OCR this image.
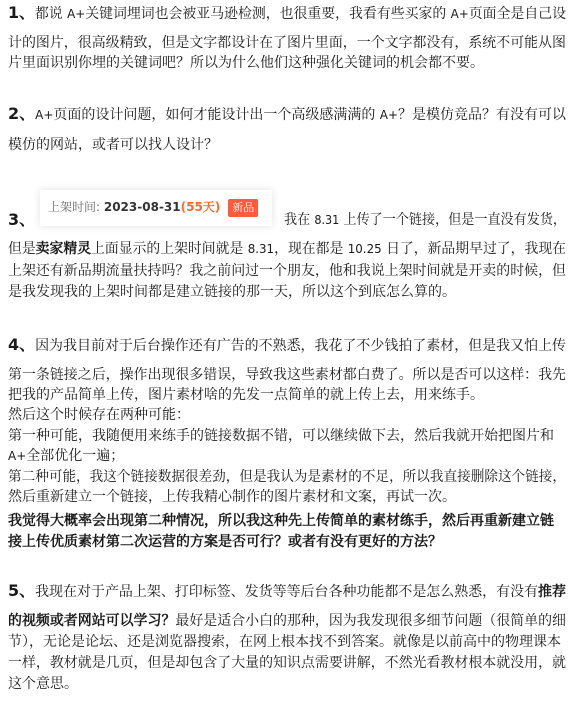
1、都说 A+关键词埋词也会被亚马逊检测，也很重要，我看有些买家的 A+页面全是自己设
计的图片，很高级精致，但是文字都设计在了图片里面，一个文字都没有，系统不可能从图
片里面识别你埋的关键词吧？所以为什么他们这种强化关键词的机会都不要。
2、A+页面的设计问题，如何才能设计出一个高级感满满的 A+？是模仿竞品？有没有可以
模仿的网站，或者可以找人设计？
上架时间: 2023-08-31(55天) 新品
3、	我在 8.31 上传了一个链接，但是一直没有发货，
但是卖家精灵上面显示的上架时间就是 8.31，现在都是 10.25 日了，新品期早过了，我现在
上架还有新品期流量扶持吗？我之前问过一个朋友，他和我说上架时间就是开卖的时候，但
是我发现我的上架时间都是建立链接的那一天，所以这个到底怎么算的。
4、因为我目前对于后台操作还有广告的不熟悉，我花了不少钱拍了素材，但是我又怕上传
第一条链接之后，操作出现很多错误，导致我这些素材都白费了。所以是否可以这样：我先
把我的产品简单上传，图片素材啥的先发一点简单的就上传上去，用来练手。
然后这个时候存在两种可能：
第一种可能，我随便用来练手的链接数据不错，可以继续做下去，然后我就开始把图片和
A+全部优化一遍；
第二种可能，我这个链接数据很差劲，但是我认为是素材的不足，所以我直接删除这个链接，
然后重新建立一个链接，上传我精心制作的图片素材和文案，再试一次。
我觉得大概率会出现第二种情况，所以我这种先上传简单的素材练手，然后再重新建立链
接上传优质素材第二次运营的方案是否可行？或者有没有更好的方法？
5、我现在对于产品上架、打印标签、发货等等后台各种功能都不是怎么熟悉，有没有推荐
的视频或者网站可以学习？最好是适合小白的那种，因为我发现很多细节问题（很简单的细
节），无论是论坛、还是浏览器搜索，在网上根本找不到答案。就像是以前高中的物理课本
一样，教材就是几页，但是却包含了大量的知识点需要讲解，不然光看教材根本就没用，就
这个意思。
